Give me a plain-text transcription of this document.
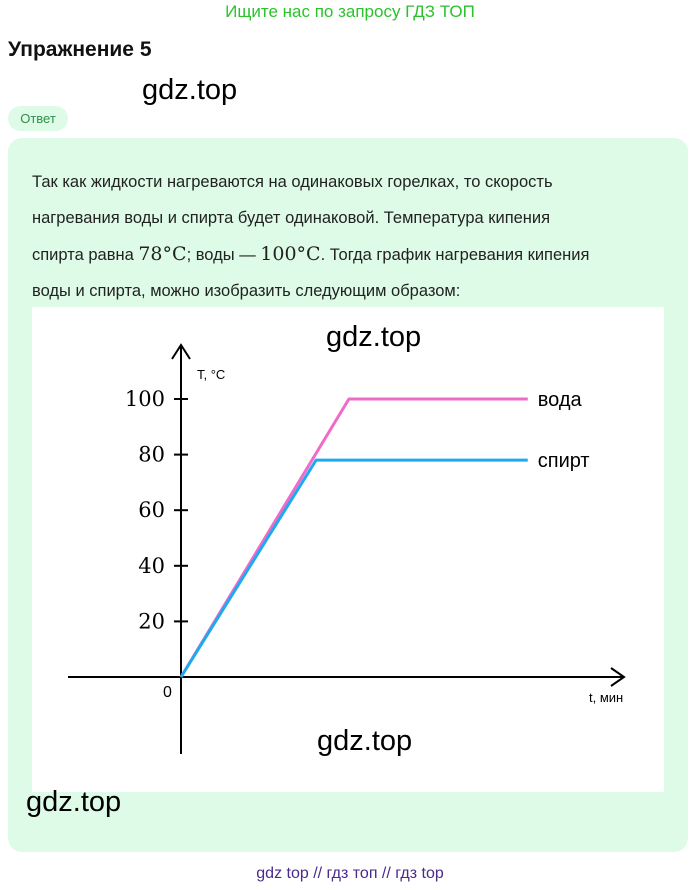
Ищите нас по запросу ГДЗ ТОП
Упражнение 5
gdz.top
Ответ
Так как жидкости нагреваются на одинаковых горелках, то скорость
нагревания воды и спирта будет одинаковой. Температура кипения
спирта равна 78°C; воды — 100°C. Тогда график нагревания кипения
воды и спирта, можно изобразить следующим образом:
20
40
60
80
100
T, °C
t, мин
0
вода
спирт
gdz.top
gdz.top
gdz.top
gdz top // гдз топ // гдз top
